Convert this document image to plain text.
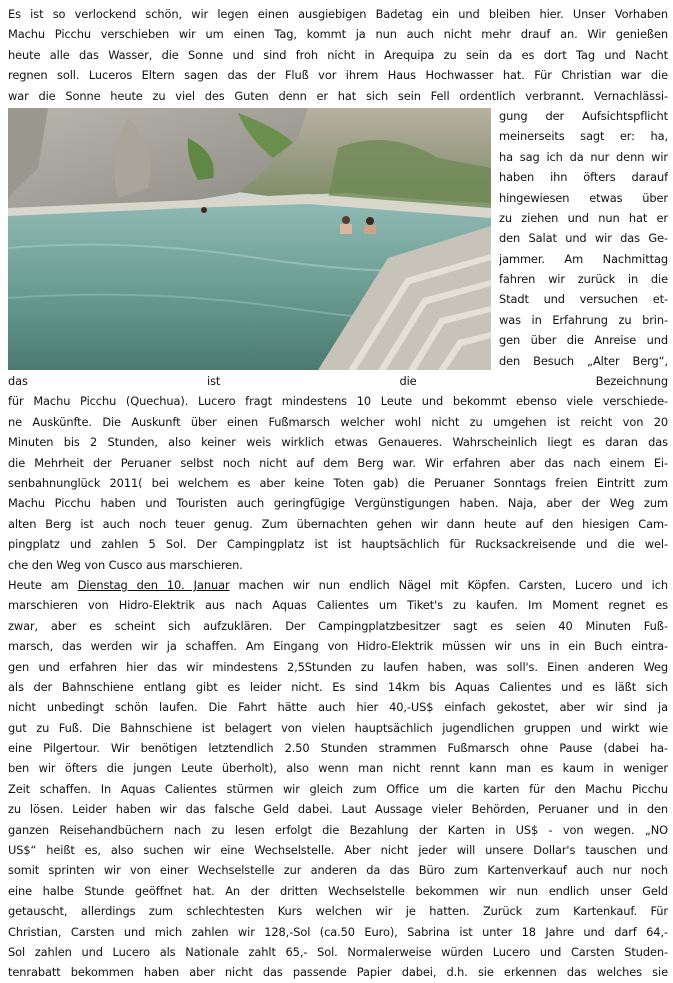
Es ist so verlockend schön, wir legen einen ausgiebigen Badetag ein und bleiben hier. Unser Vorhaben
Machu Picchu verschieben wir um einen Tag, kommt ja nun auch nicht mehr drauf an. Wir genießen
heute alle das Wasser, die Sonne und sind froh nicht in Arequipa zu sein da es dort Tag und Nacht
regnen soll. Luceros Eltern sagen das der Fluß vor ihrem Haus Hochwasser hat. Für Christian war die
war die Sonne heute zu viel des Guten denn er hat sich sein Fell ordentlich verbrannt. Vernachlässi-
gung der Aufsichtspflicht
meinerseits sagt er: ha,
ha sag ich da nur denn wir
haben ihn öfters darauf
hingewiesen etwas über
zu ziehen und nun hat er
den Salat und wir das Ge-
jammer. Am Nachmittag
fahren wir zurück in die
Stadt und versuchen et-
was in Erfahrung zu brin-
gen über die Anreise und
den Besuch „Alter Berg“,
das ist die Bezeichnung
für Machu Picchu (Quechua). Lucero fragt mindestens 10 Leute und bekommt ebenso viele verschiede-
ne Auskünfte. Die Auskunft über einen Fußmarsch welcher wohl nicht zu umgehen ist reicht von 20
Minuten bis 2 Stunden, also keiner weis wirklich etwas Genaueres. Wahrscheinlich liegt es daran das
die Mehrheit der Peruaner selbst noch nicht auf dem Berg war. Wir erfahren aber das nach einem Ei-
senbahnunglück 2011( bei welchem es aber keine Toten gab) die Peruaner Sonntags freien Eintritt zum
Machu Picchu haben und Touristen auch geringfügige Vergünstigungen haben. Naja, aber der Weg zum
alten Berg ist auch noch teuer genug. Zum übernachten gehen wir dann heute auf den hiesigen Cam-
pingplatz und zahlen 5 Sol. Der Campingplatz ist ist hauptsächlich für Rucksackreisende und die wel-
che den Weg von Cusco aus marschieren.
Heute am Dienstag den 10. Januar machen wir nun endlich Nägel mit Köpfen. Carsten, Lucero und ich
marschieren von Hidro-Elektrik aus nach Aquas Calientes um Tiket's zu kaufen. Im Moment regnet es
zwar, aber es scheint sich aufzuklären. Der Campingplatzbesitzer sagt es seien 40 Minuten Fuß-
marsch, das werden wir ja schaffen. Am Eingang von Hidro-Elektrik müssen wir uns in ein Buch eintra-
gen und erfahren hier das wir mindestens 2,5Stunden zu laufen haben, was soll's. Einen anderen Weg
als der Bahnschiene entlang gibt es leider nicht. Es sind 14km bis Aquas Calientes und es läßt sich
nicht unbedingt schön laufen. Die Fahrt hätte auch hier 40,-US$ einfach gekostet, aber wir sind ja
gut zu Fuß. Die Bahnschiene ist belagert von vielen hauptsächlich jugendlichen gruppen und wirkt wie
eine Pilgertour. Wir benötigen letztendlich 2.50 Stunden strammen Fußmarsch ohne Pause (dabei ha-
ben wir öfters die jungen Leute überholt), also wenn man nicht rennt kann man es kaum in weniger
Zeit schaffen. In Aquas Calientes stürmen wir gleich zum Office um die karten für den Machu Picchu
zu lösen. Leider haben wir das falsche Geld dabei. Laut Aussage vieler Behörden, Peruaner und in den
ganzen Reisehandbüchern nach zu lesen erfolgt die Bezahlung der Karten in US$ - von wegen. „NO
US$“ heißt es, also suchen wir eine Wechselstelle. Aber nicht jeder will unsere Dollar's tauschen und
somit sprinten wir von einer Wechselstelle zur anderen da das Büro zum Kartenverkauf auch nur noch
eine halbe Stunde geöffnet hat. An der dritten Wechselstelle bekommen wir nun endlich unser Geld
getauscht, allerdings zum schlechtesten Kurs welchen wir je hatten. Zurück zum Kartenkauf. Für
Christian, Carsten und mich zahlen wir 128,-Sol (ca.50 Euro), Sabrina ist unter 18 Jahre und darf 64,-
Sol zahlen und Lucero als Nationale zahlt 65,- Sol. Normalerweise würden Lucero und Carsten Studen-
tenrabatt bekommen haben aber nicht das passende Papier dabei, d.h. sie erkennen das welches sie
